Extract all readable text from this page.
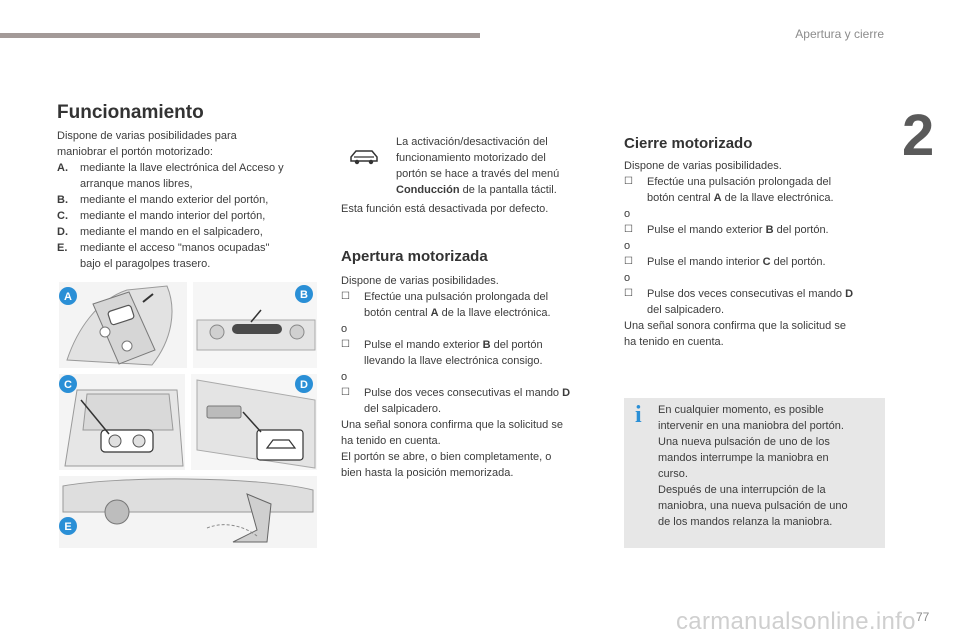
Apertura y cierre
2
Funcionamiento

Dispone de varias posibilidades para
maniobrar el portón motorizado:

A. mediante la llave electrónica del Acceso y
arranque manos libres,
B. mediante el mando exterior del portón,
C. mediante el mando interior del portón,
D. mediante el mando en el salpicadero,
E. mediante el acceso "manos ocupadas"
bajo el paragolpes trasero.
A	B
C	D
E

La activación/desactivación del
funcionamiento motorizado del
portón se hace a través del menú
Conducción de la pantalla táctil.

Esta función está desactivada por defecto.

Apertura motorizada

Dispone de varias posibilidades.

☐ Efectúe una pulsación prolongada del
botón central A de la llave electrónica.
o
☐ Pulse el mando exterior B del portón
llevando la llave electrónica consigo.
o
☐ Pulse dos veces consecutivas el mando D
del salpicadero.

Una señal sonora confirma que la solicitud se
ha tenido en cuenta.
El portón se abre, o bien completamente, o
bien hasta la posición memorizada.

Cierre motorizado

Dispone de varias posibilidades.

☐ Efectúe una pulsación prolongada del
botón central A de la llave electrónica.
o
☐ Pulse el mando exterior B del portón.
o
☐ Pulse el mando interior C del portón.
o
☐ Pulse dos veces consecutivas el mando D
del salpicadero.

Una señal sonora confirma que la solicitud se
ha tenido en cuenta.

i En cualquier momento, es posible
intervenir en una maniobra del portón.
Una nueva pulsación de uno de los
mandos interrumpe la maniobra en
curso.
Después de una interrupción de la
maniobra, una nueva pulsación de uno
de los mandos relanza la maniobra.

carmanualsonline.info 77
